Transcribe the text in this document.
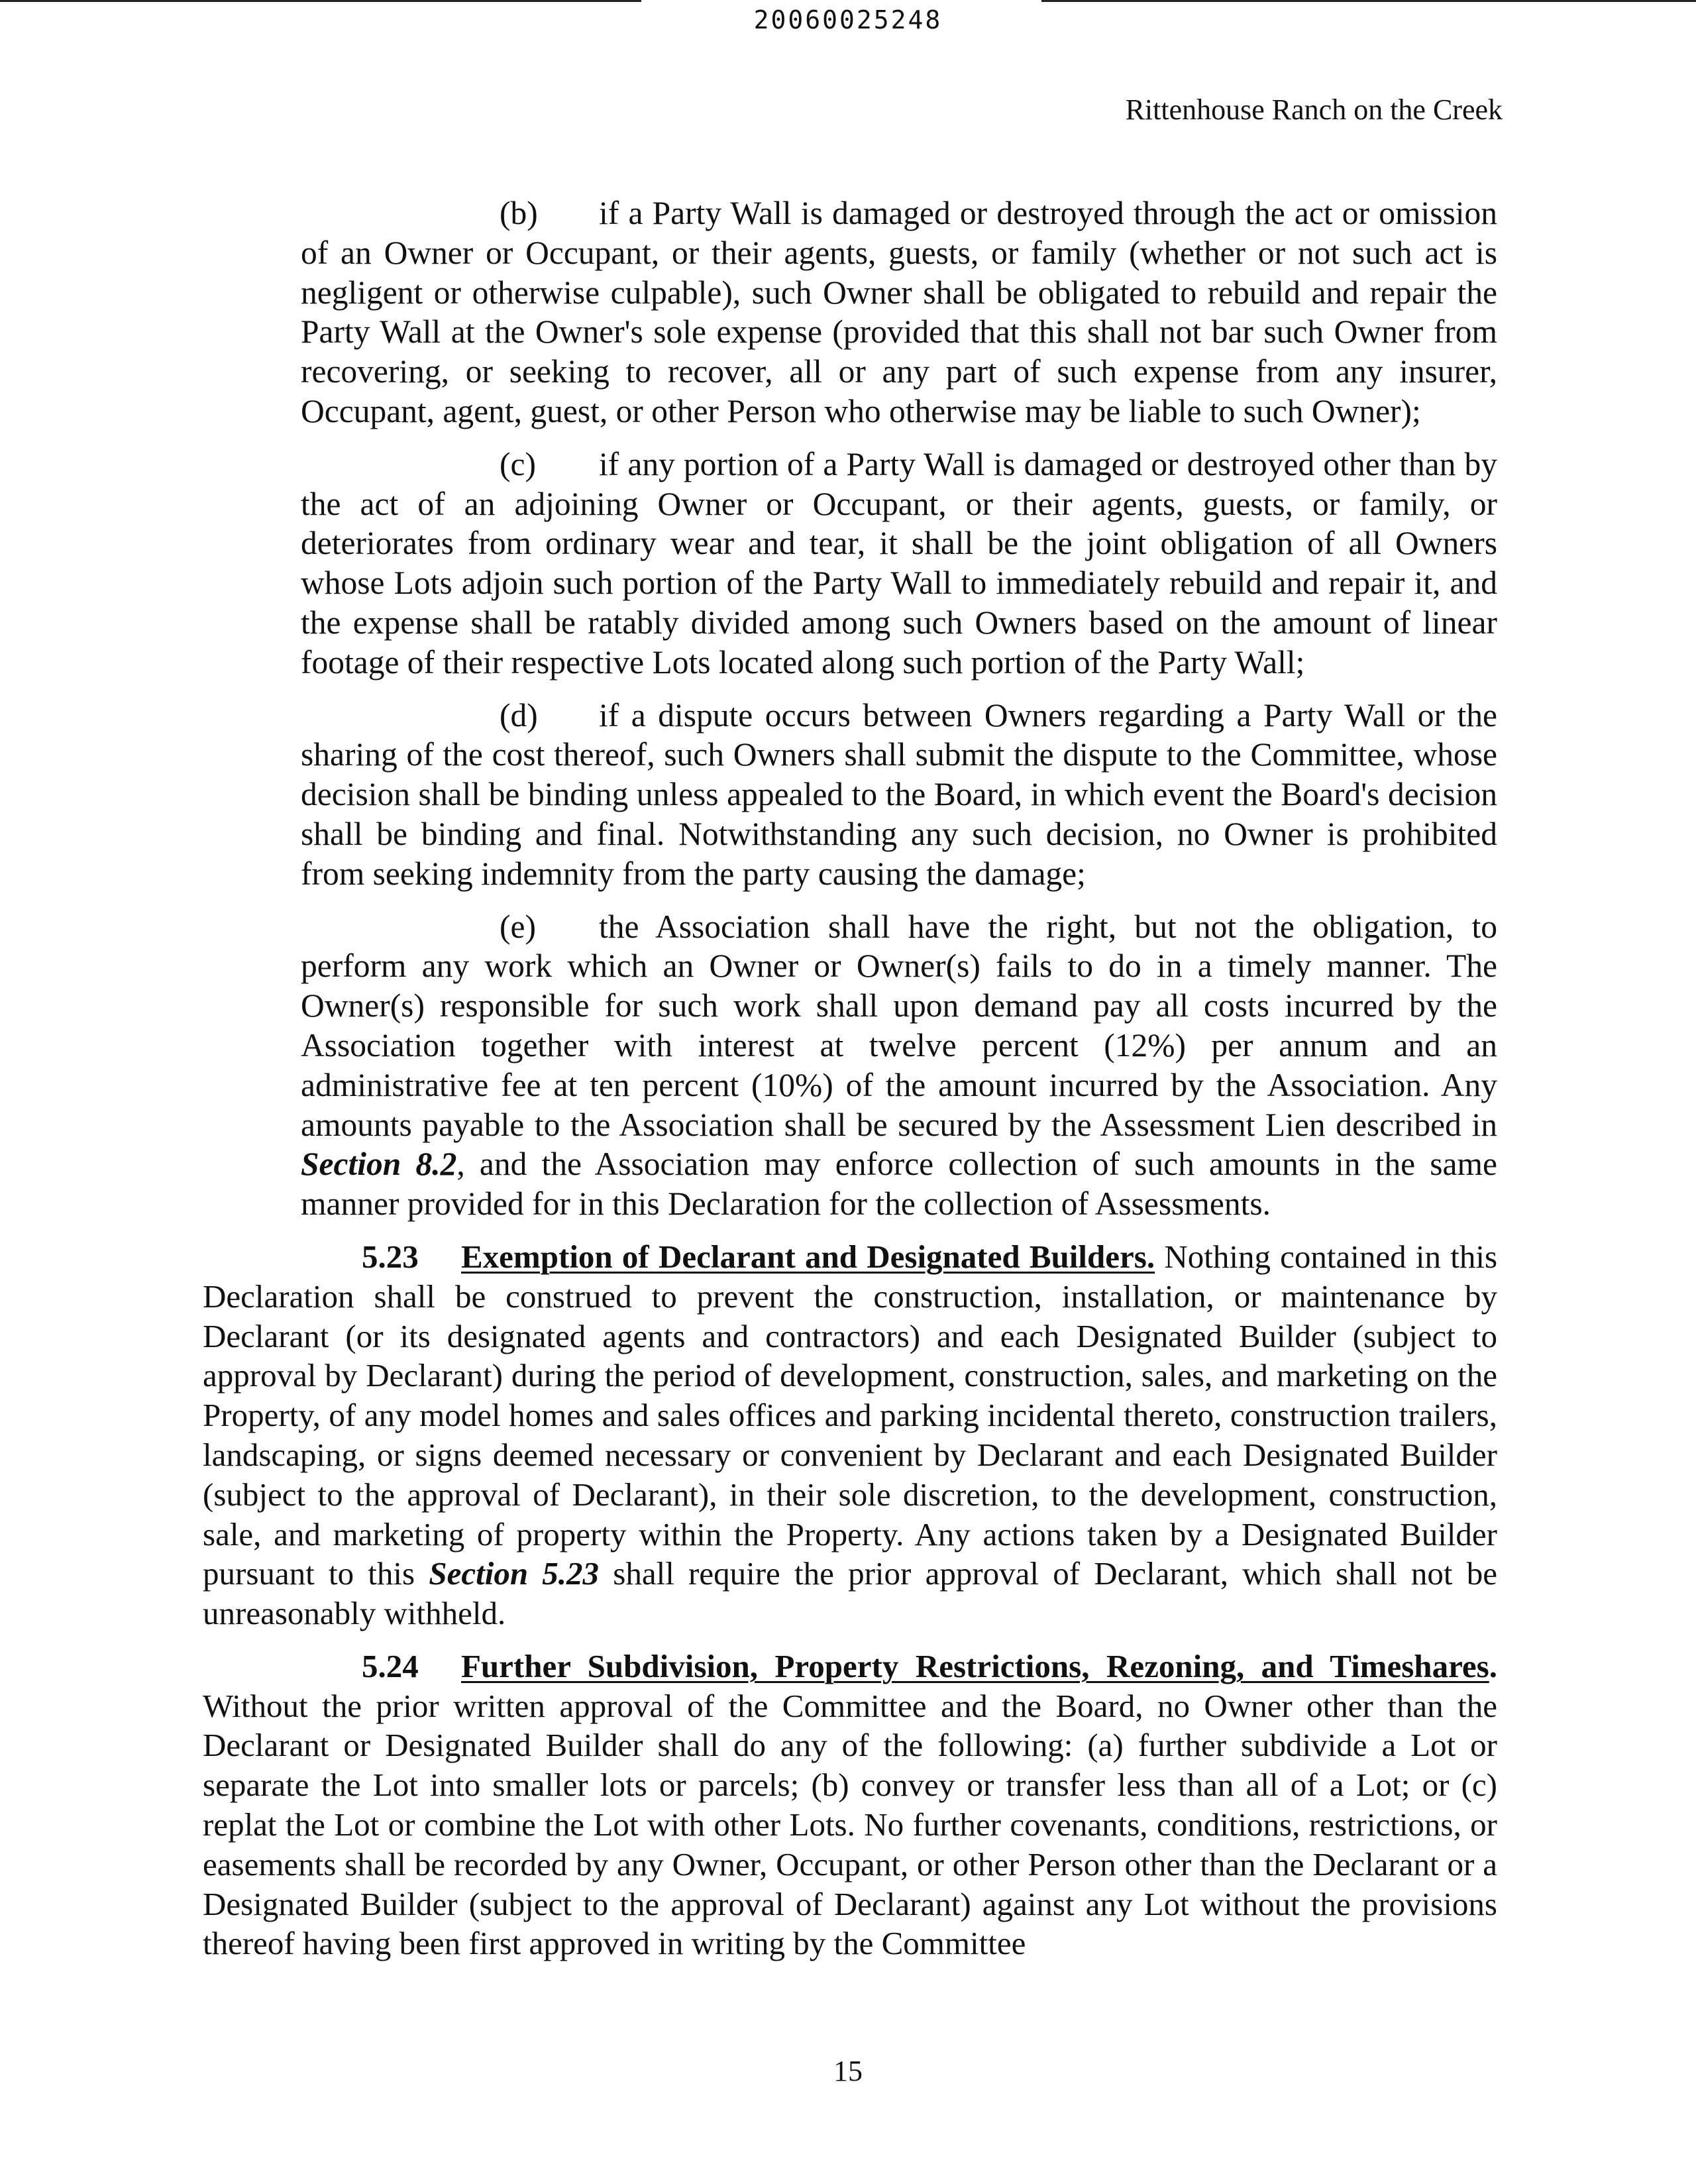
20060025248
Rittenhouse Ranch on the Creek

(b) if a Party Wall is damaged or destroyed through the act or omission of an Owner or Occupant, or their agents, guests, or family (whether or not such act is negligent or otherwise culpable), such Owner shall be obligated to rebuild and repair the Party Wall at the Owner's sole expense (provided that this shall not bar such Owner from recovering, or seeking to recover, all or any part of such expense from any insurer, Occupant, agent, guest, or other Person who otherwise may be liable to such Owner);

(c) if any portion of a Party Wall is damaged or destroyed other than by the act of an adjoining Owner or Occupant, or their agents, guests, or family, or deteriorates from ordinary wear and tear, it shall be the joint obligation of all Owners whose Lots adjoin such portion of the Party Wall to immediately rebuild and repair it, and the expense shall be ratably divided among such Owners based on the amount of linear footage of their respective Lots located along such portion of the Party Wall;

(d) if a dispute occurs between Owners regarding a Party Wall or the sharing of the cost thereof, such Owners shall submit the dispute to the Committee, whose decision shall be binding unless appealed to the Board, in which event the Board's decision shall be binding and final. Notwithstanding any such decision, no Owner is prohibited from seeking indemnity from the party causing the damage;

(e) the Association shall have the right, but not the obligation, to perform any work which an Owner or Owner(s) fails to do in a timely manner. The Owner(s) responsible for such work shall upon demand pay all costs incurred by the Association together with interest at twelve percent (12%) per annum and an administrative fee at ten percent (10%) of the amount incurred by the Association. Any amounts payable to the Association shall be secured by the Assessment Lien described in Section 8.2, and the Association may enforce collection of such amounts in the same manner provided for in this Declaration for the collection of Assessments.

5.23 Exemption of Declarant and Designated Builders. Nothing contained in this Declaration shall be construed to prevent the construction, installation, or maintenance by Declarant (or its designated agents and contractors) and each Designated Builder (subject to approval by Declarant) during the period of development, construction, sales, and marketing on the Property, of any model homes and sales offices and parking incidental thereto, construction trailers, landscaping, or signs deemed necessary or convenient by Declarant and each Designated Builder (subject to the approval of Declarant), in their sole discretion, to the development, construction, sale, and marketing of property within the Property. Any actions taken by a Designated Builder pursuant to this Section 5.23 shall require the prior approval of Declarant, which shall not be unreasonably withheld.

5.24 Further Subdivision, Property Restrictions, Rezoning, and Timeshares. Without the prior written approval of the Committee and the Board, no Owner other than the Declarant or Designated Builder shall do any of the following: (a) further subdivide a Lot or separate the Lot into smaller lots or parcels; (b) convey or transfer less than all of a Lot; or (c) replat the Lot or combine the Lot with other Lots. No further covenants, conditions, restrictions, or easements shall be recorded by any Owner, Occupant, or other Person other than the Declarant or a Designated Builder (subject to the approval of Declarant) against any Lot without the provisions thereof having been first approved in writing by the Committee

15
